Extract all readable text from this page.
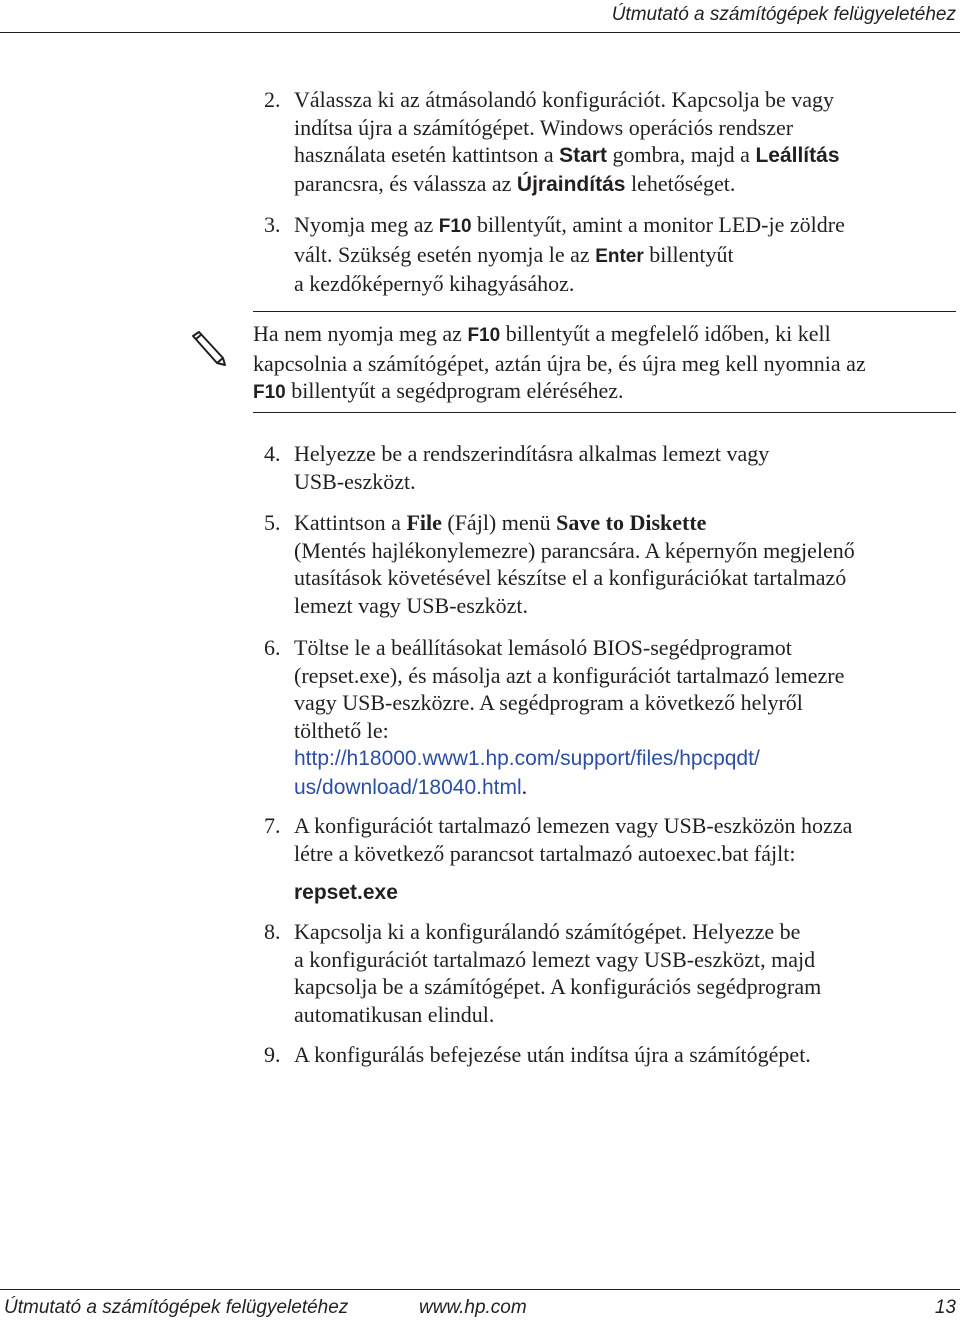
Útmutató a számítógépek felügyeletéhez
2. Válassza ki az átmásolandó konfigurációt. Kapcsolja be vagy
indítsa újra a számítógépet. Windows operációs rendszer
használata esetén kattintson a Start gombra, majd a Leállítás
parancsra, és válassza az Újraindítás lehetőséget.
3. Nyomja meg az F10 billentyűt, amint a monitor LED-je zöldre
vált. Szükség esetén nyomja le az Enter billentyűt
a kezdőképernyő kihagyásához.
Ha nem nyomja meg az F10 billentyűt a megfelelő időben, ki kell
kapcsolnia a számítógépet, aztán újra be, és újra meg kell nyomnia az
F10 billentyűt a segédprogram eléréséhez.
4. Helyezze be a rendszerindításra alkalmas lemezt vagy
USB-eszközt.
5. Kattintson a File (Fájl) menü Save to Diskette
(Mentés hajlékonylemezre) parancsára. A képernyőn megjelenő
utasítások követésével készítse el a konfigurációkat tartalmazó
lemezt vagy USB-eszközt.
6. Töltse le a beállításokat lemásoló BIOS-segédprogramot
(repset.exe), és másolja azt a konfigurációt tartalmazó lemezre
vagy USB-eszközre. A segédprogram a következő helyről
tölthető le:
http://h18000.www1.hp.com/support/files/hpcpqdt/
us/download/18040.html.
7. A konfigurációt tartalmazó lemezen vagy USB-eszközön hozza
létre a következő parancsot tartalmazó autoexec.bat fájlt:
repset.exe
8. Kapcsolja ki a konfigurálandó számítógépet. Helyezze be
a konfigurációt tartalmazó lemezt vagy USB-eszközt, majd
kapcsolja be a számítógépet. A konfigurációs segédprogram
automatikusan elindul.
9. A konfigurálás befejezése után indítsa újra a számítógépet.
Útmutató a számítógépek felügyeletéhez	www.hp.com	13
